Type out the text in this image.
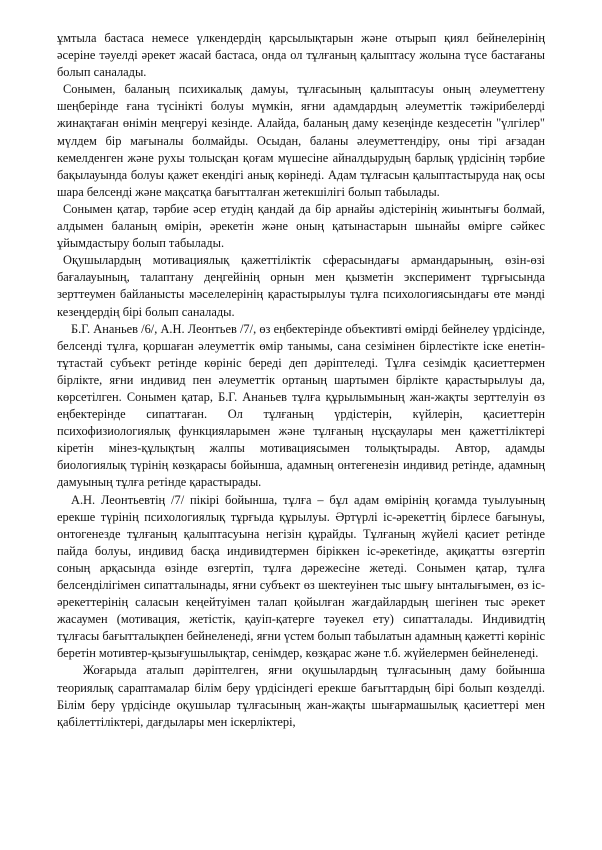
ұмтыла бастаса немесе үлкендердің қарсылықтарын және отырып қиял бейнелерінің әсеріне тәуелді әрекет жасай бастаса, онда ол тұлғаның қалыптасу жолына түсе бастағаны болып саналады.

Сонымен, баланың психикалық дамуы, тұлғасының қалыптасуы оның әлеуметтену шеңберінде ғана түсінікті болуы мүмкін, яғни адамдардың әлеуметтік тәжірибелерді жинақтаған өнімін меңгеруі кезінде. Алайда, баланың даму кезеңінде кездесетін "үлгілер" мүлдем бір мағыналы болмайды. Осыдан, баланы әлеуметтендіру, оны тірі ағзадан кемелденген және рухы толысқан қоғам мүшесіне айналдырудың барлық үрдісінің тәрбие бақылауында болуы қажет екендігі анық көрінеді. Адам тұлғасын қалыптастыруда нақ осы шара белсенді және мақсатқа бағытталған жетекшілігі болып табылады.

Сонымен қатар, тәрбие әсер етудің қандай да бір арнайы әдістерінің жиынтығы болмай, алдымен баланың өмірін, әрекетін және оның қатынастарын шынайы өмірге сәйкес ұйымдастыру болып табылады.

Оқушылардың мотивациялық қажеттіліктік сферасындағы армандарының, өзін-өзі бағалауының, талаптану деңгейінің орнын мен қызметін эксперимент тұрғысында зерттеумен байланысты мәселелерінің қарастырылуы тұлға психологиясындағы өте мәнді кезеңдердің бірі болып саналады.

Б.Г. Ананьев /6/, А.Н. Леонтьев /7/, өз еңбектерінде объективті өмірді бейнелеу үрдісінде, белсенді тұлға, қоршаған әлеуметтік өмір танымы, сана сезімінен бірлестікте іске енетін-тұтастай субъект ретінде көрініс береді деп дәріптеледі. Тұлға сезімдік қасиеттермен бірлікте, яғни индивид пен әлеуметтік ортаның шартымен бірлікте қарастырылуы да, көрсетілген. Сонымен қатар, Б.Г. Ананьев тұлға құрылымының жан-жақты зерттелуін өз еңбектерінде сипаттаған. Ол тұлғаның үрдістерін, күйлерін, қасиеттерін психофизиологиялық функцияларымен және тұлғаның нұсқаулары мен қажеттіліктері кіретін мінез-құлықтың жалпы мотивациясымен толықтырады. Автор, адамды биологиялық түрінің көзқарасы бойынша, адамның онтегенезін индивид ретінде, адамның дамуының тұлға ретінде қарастырады.

А.Н. Леонтьевтің /7/ пікірі бойынша, тұлға – бұл адам өмірінің қоғамда туылуының ерекше түрінің психологиялық тұрғыда құрылуы. Әртүрлі іс-әрекеттің бірлесе бағынуы, онтогенезде тұлғаның қалыптасуына негізін құрайды. Тұлғаның жүйелі қасиет ретінде пайда болуы, индивид басқа индивидтермен біріккен іс-әрекетінде, ақиқатты өзгертіп соның арқасында өзінде өзгертіп, тұлға дәрежесіне жетеді. Сонымен қатар, тұлға белсенділігімен сипатталынады, яғни субъект өз шектеуінен тыс шығу ынталығымен, өз іс-әрекеттерінің саласын кеңейтуімен талап қойылған жағдайлардың шегінен тыс әрекет жасаумен (мотивация, жетістік, қауіп-қатерге тәуекел ету) сипатталады. Индивидтің тұлғасы бағытталықпен бейнеленеді, яғни үстем болып табылатын адамның қажетті көрініс беретін мотивтер-қызығушылықтар, сенімдер, көзқарас және т.б. жүйелермен бейнеленеді.

Жоғарыда аталып дәріптелген, яғни оқушылардың тұлғасының даму бойынша теориялық сараптамалар білім беру үрдісіндегі ерекше бағыттардың бірі болып көзделді. Білім беру үрдісінде оқушылар тұлғасының жан-жақты шығармашылық қасиеттері мен қабілеттіліктері, дағдылары мен іскерліктері,
